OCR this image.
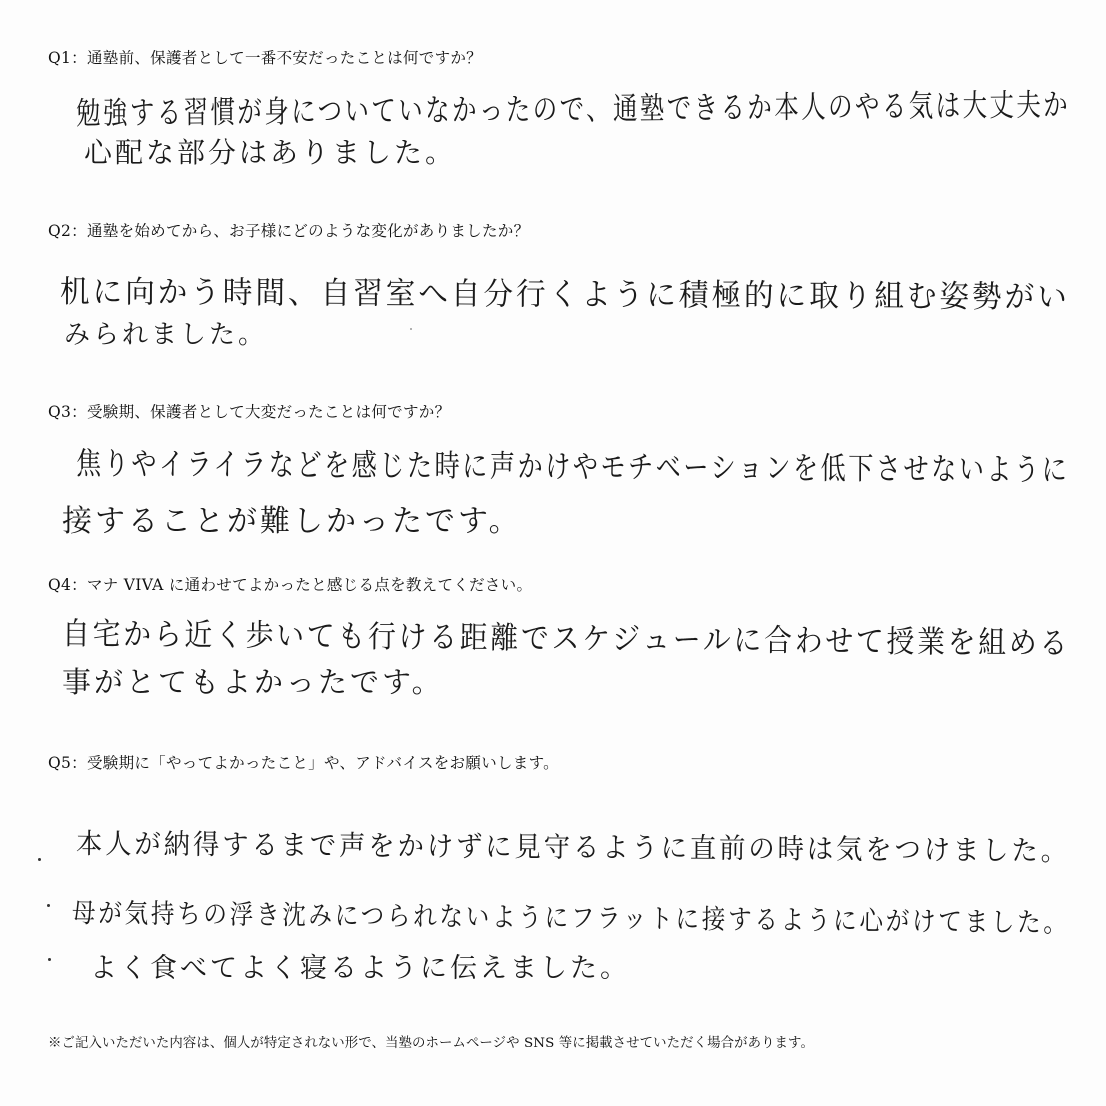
Q1：通塾前、保護者として一番不安だったことは何ですか？
勉強する習慣が身についていなかったので、通塾できるか本人のやる気は大丈夫か
心配な部分はありました。
Q2：通塾を始めてから、お子様にどのような変化がありましたか？
机に向かう時間、自習室へ自分行くように積極的に取り組む姿勢がい
みられました。
Q3：受験期、保護者として大変だったことは何ですか？
焦りやイライラなどを感じた時に声かけやモチベーションを低下させないように
接することが難しかったです。
Q4：マナ VIVA に通わせてよかったと感じる点を教えてください。
自宅から近く歩いても行ける距離でスケジュールに合わせて授業を組める
事がとてもよかったです。
Q5：受験期に「やってよかったこと」や、アドバイスをお願いします。
本人が納得するまで声をかけずに見守るように直前の時は気をつけました。
母が気持ちの浮き沈みにつられないようにフラットに接するように心がけてました。
よく食べてよく寝るように伝えました。
※ご記入いただいた内容は、個人が特定されない形で、当塾のホームページや SNS 等に掲載させていただく場合があります。
